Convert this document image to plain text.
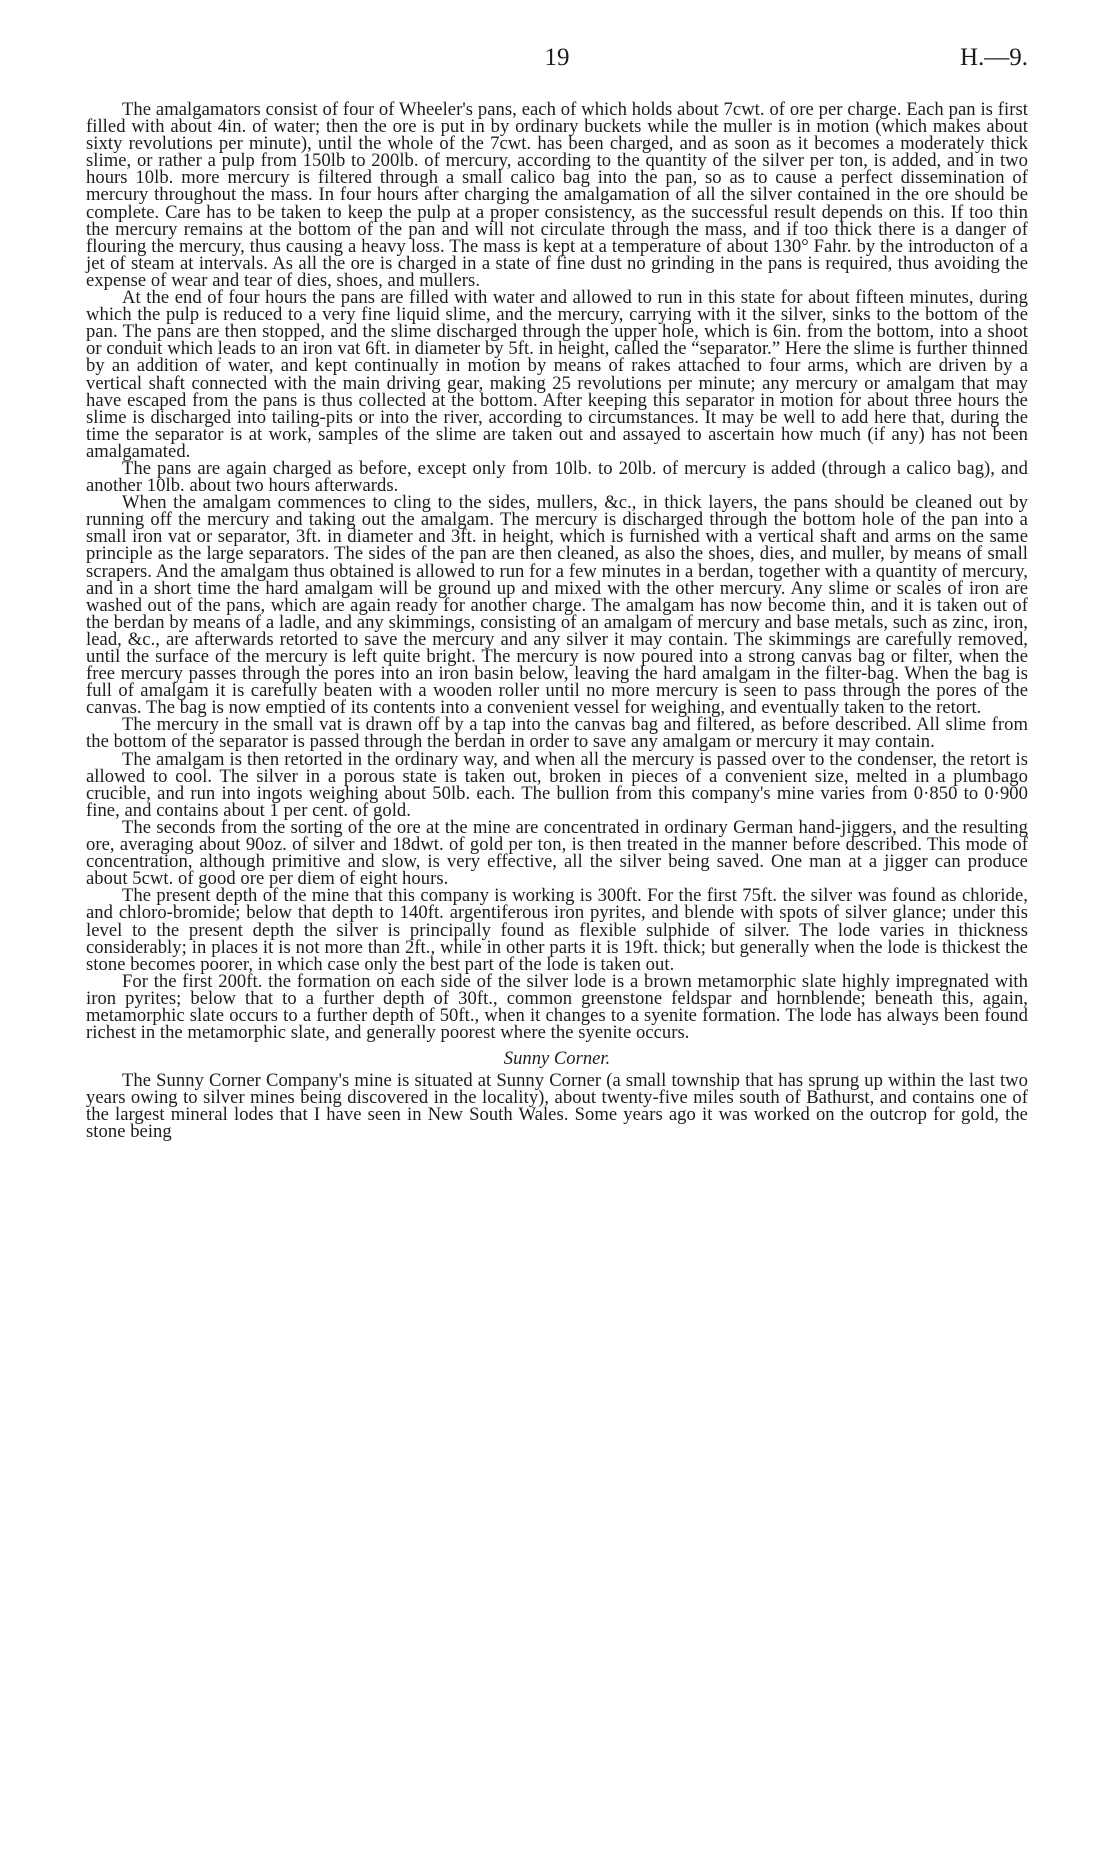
19	H.—9.

The amalgamators consist of four of Wheeler's pans, each of which holds about 7cwt. of ore per charge. Each pan is first filled with about 4in. of water; then the ore is put in by ordinary buckets while the muller is in motion (which makes about sixty revolutions per minute), until the whole of the 7cwt. has been charged, and as soon as it becomes a moderately thick slime, or rather a pulp from 150lb to 200lb. of mercury, according to the quantity of the silver per ton, is added, and in two hours 10lb. more mercury is filtered through a small calico bag into the pan, so as to cause a perfect dissemination of mercury throughout the mass. In four hours after charging the amalgamation of all the silver contained in the ore should be complete. Care has to be taken to keep the pulp at a proper consistency, as the successful result depends on this. If too thin the mercury remains at the bottom of the pan and will not circulate through the mass, and if too thick there is a danger of flouring the mercury, thus causing a heavy loss. The mass is kept at a temperature of about 130° Fahr. by the introducton of a jet of steam at intervals. As all the ore is charged in a state of fine dust no grinding in the pans is required, thus avoiding the expense of wear and tear of dies, shoes, and mullers.

At the end of four hours the pans are filled with water and allowed to run in this state for about fifteen minutes, during which the pulp is reduced to a very fine liquid slime, and the mercury, carrying with it the silver, sinks to the bottom of the pan. The pans are then stopped, and the slime discharged through the upper hole, which is 6in. from the bottom, into a shoot or conduit which leads to an iron vat 6ft. in diameter by 5ft. in height, called the “separator.” Here the slime is further thinned by an addition of water, and kept continually in motion by means of rakes attached to four arms, which are driven by a vertical shaft connected with the main driving gear, making 25 revolutions per minute; any mercury or amalgam that may have escaped from the pans is thus collected at the bottom. After keeping this separator in motion for about three hours the slime is discharged into tailing-pits or into the river, according to circumstances. It may be well to add here that, during the time the separator is at work, samples of the slime are taken out and assayed to ascertain how much (if any) has not been amalgamated.

The pans are again charged as before, except only from 10lb. to 20lb. of mercury is added (through a calico bag), and another 10lb. about two hours afterwards.

When the amalgam commences to cling to the sides, mullers, &c., in thick layers, the pans should be cleaned out by running off the mercury and taking out the amalgam. The mercury is discharged through the bottom hole of the pan into a small iron vat or separator, 3ft. in diameter and 3ft. in height, which is furnished with a vertical shaft and arms on the same principle as the large separators. The sides of the pan are then cleaned, as also the shoes, dies, and muller, by means of small scrapers. And the amalgam thus obtained is allowed to run for a few minutes in a berdan, together with a quantity of mercury, and in a short time the hard amalgam will be ground up and mixed with the other mercury. Any slime or scales of iron are washed out of the pans, which are again ready for another charge. The amalgam has now become thin, and it is taken out of the berdan by means of a ladle, and any skimmings, consisting of an amalgam of mercury and base metals, such as zinc, iron, lead, &c., are afterwards retorted to save the mercury and any silver it may contain. The skimmings are carefully removed, until the surface of the mercury is left quite bright. The mercury is now poured into a strong canvas bag or filter, when the free mercury passes through the pores into an iron basin below, leaving the hard amalgam in the filter-bag. When the bag is full of amalgam it is carefully beaten with a wooden roller until no more mercury is seen to pass through the pores of the canvas. The bag is now emptied of its contents into a convenient vessel for weighing, and eventually taken to the retort.

The mercury in the small vat is drawn off by a tap into the canvas bag and filtered, as before described. All slime from the bottom of the separator is passed through the berdan in order to save any amalgam or mercury it may contain.

The amalgam is then retorted in the ordinary way, and when all the mercury is passed over to the condenser, the retort is allowed to cool. The silver in a porous state is taken out, broken in pieces of a convenient size, melted in a plumbago crucible, and run into ingots weighing about 50lb. each. The bullion from this company's mine varies from 0·850 to 0·900 fine, and contains about 1 per cent. of gold.

The seconds from the sorting of the ore at the mine are concentrated in ordinary German hand-jiggers, and the resulting ore, averaging about 90oz. of silver and 18dwt. of gold per ton, is then treated in the manner before described. This mode of concentration, although primitive and slow, is very effective, all the silver being saved. One man at a jigger can produce about 5cwt. of good ore per diem of eight hours.

The present depth of the mine that this company is working is 300ft. For the first 75ft. the silver was found as chloride, and chloro-bromide; below that depth to 140ft. argentiferous iron pyrites, and blende with spots of silver glance; under this level to the present depth the silver is principally found as flexible sulphide of silver. The lode varies in thickness considerably; in places it is not more than 2ft., while in other parts it is 19ft. thick; but generally when the lode is thickest the stone becomes poorer, in which case only the best part of the lode is taken out.

For the first 200ft. the formation on each side of the silver lode is a brown metamorphic slate highly impregnated with iron pyrites; below that to a further depth of 30ft., common greenstone feldspar and hornblende; beneath this, again, metamorphic slate occurs to a further depth of 50ft., when it changes to a syenite formation. The lode has always been found richest in the metamorphic slate, and generally poorest where the syenite occurs.

Sunny Corner.

The Sunny Corner Company's mine is situated at Sunny Corner (a small township that has sprung up within the last two years owing to silver mines being discovered in the locality), about twenty-five miles south of Bathurst, and contains one of the largest mineral lodes that I have seen in New South Wales. Some years ago it was worked on the outcrop for gold, the stone being
